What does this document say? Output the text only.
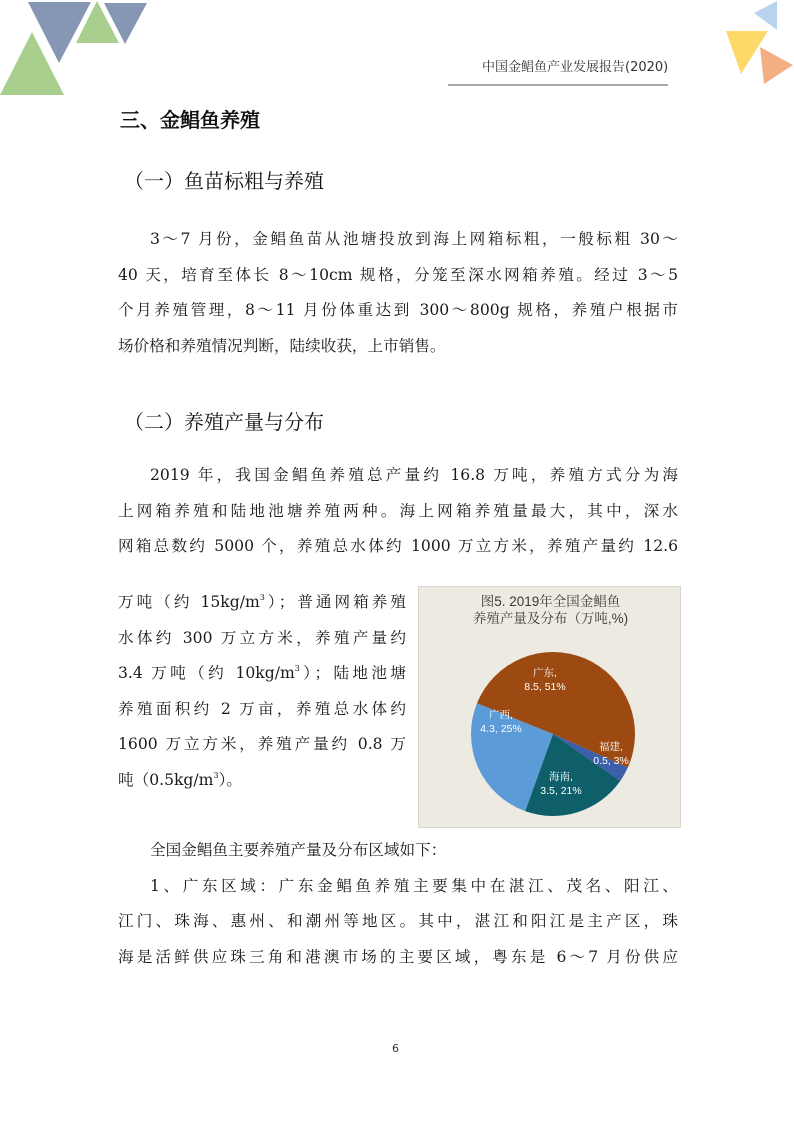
中国金鲳鱼产业发展报告(2020)
三、金鲳鱼养殖
（一）鱼苗标粗与养殖
3～7 月份，金鲳鱼苗从池塘投放到海上网箱标粗，一般标粗 30～
40 天，培育至体长 8～10cm 规格，分笼至深水网箱养殖。经过 3～5
个月养殖管理，8～11 月份体重达到 300～800g 规格，养殖户根据市
场价格和养殖情况判断，陆续收获，上市销售。
（二）养殖产量与分布
2019 年，我国金鲳鱼养殖总产量约 16.8 万吨，养殖方式分为海
上网箱养殖和陆地池塘养殖两种。海上网箱养殖量最大，其中，深水
网箱总数约 5000 个，养殖总水体约 1000 万立方米，养殖产量约 12.6
万吨（约 $15kg/m^3$）；普通网箱养殖
水体约 300 万立方米，养殖产量约
3.4 万吨（约 $10kg/m^3$）；陆地池塘
养殖面积约 2 万亩，养殖总水体约
1600 万立方米，养殖产量约 0.8 万
吨$(0.5kg/m^3)$。
图5. 2019年全国金鲳鱼
养殖产量及分布（万吨,%)
广东,
8.5, 51%
福建,
0.5, 3%
海南,
3.5, 21%
广西,
4.3, 25%
全国金鲳鱼主要养殖产量及分布区域如下：
1、广东区域：广东金鲳鱼养殖主要集中在湛江、茂名、阳江、
江门、珠海、惠州、和潮州等地区。其中，湛江和阳江是主产区，珠
海是活鲜供应珠三角和港澳市场的主要区域，粤东是 6～7 月份供应
6
